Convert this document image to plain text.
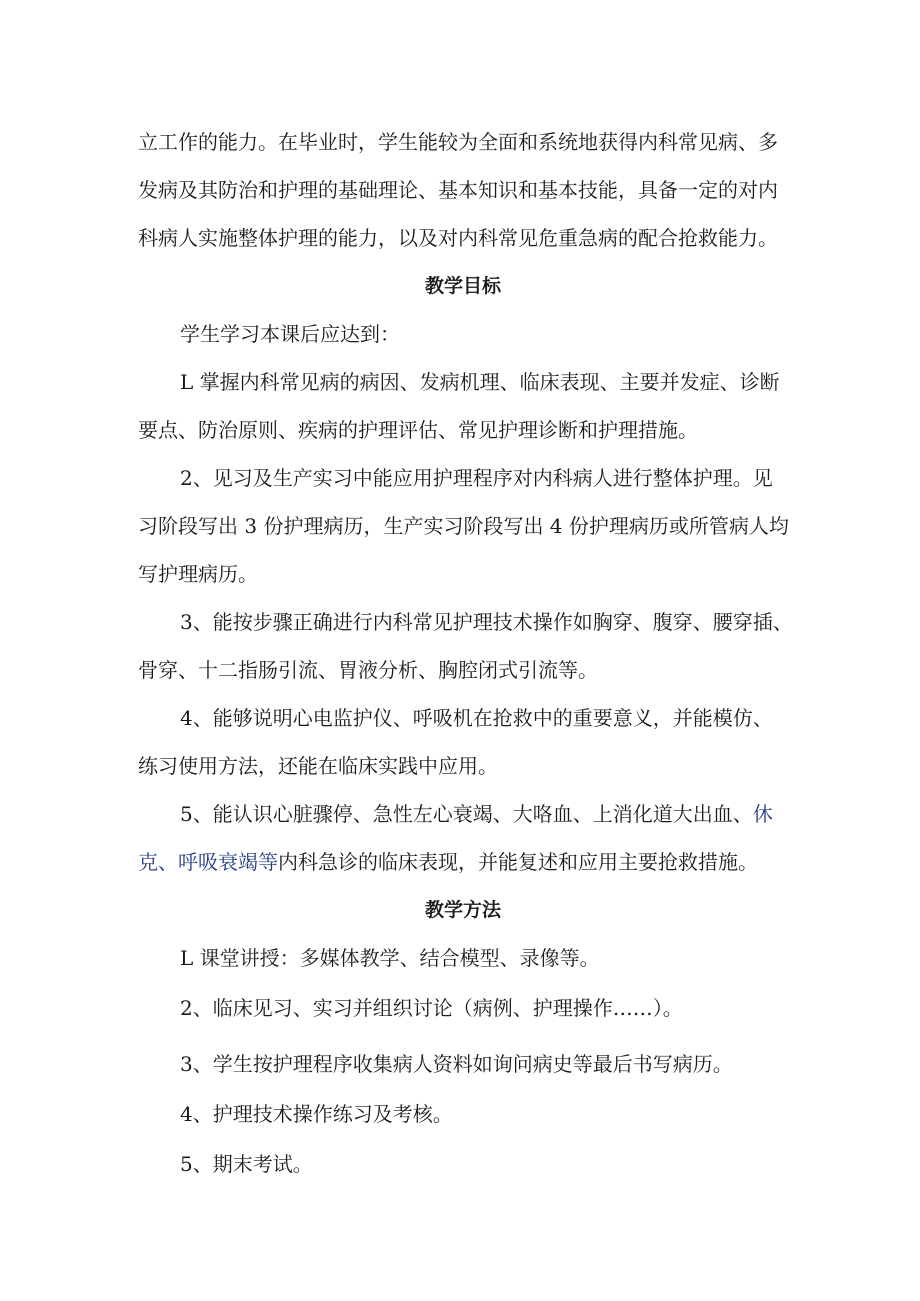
立工作的能力。在毕业时，学生能较为全面和系统地获得内科常见病、多
发病及其防治和护理的基础理论、基本知识和基本技能，具备一定的对内
科病人实施整体护理的能力，以及对内科常见危重急病的配合抢救能力。
教学目标
学生学习本课后应达到：
L 掌握内科常见病的病因、发病机理、临床表现、主要并发症、诊断
要点、防治原则、疾病的护理评估、常见护理诊断和护理措施。
2、见习及生产实习中能应用护理程序对内科病人进行整体护理。见
习阶段写出 3 份护理病历，生产实习阶段写出 4 份护理病历或所管病人均
写护理病历。
3、能按步骤正确进行内科常见护理技术操作如胸穿、腹穿、腰穿插、
骨穿、十二指肠引流、胃液分析、胸腔闭式引流等。
4、能够说明心电监护仪、呼吸机在抢救中的重要意义，并能模仿、
练习使用方法，还能在临床实践中应用。
5、能认识心脏骤停、急性左心衰竭、大咯血、上消化道大出血、休
克、呼吸衰竭等内科急诊的临床表现，并能复述和应用主要抢救措施。
教学方法
L 课堂讲授：多媒体教学、结合模型、录像等。
2、临床见习、实习并组织讨论（病例、护理操作……）。
3、学生按护理程序收集病人资料如询问病史等最后书写病历。
4、护理技术操作练习及考核。
5、期末考试。
